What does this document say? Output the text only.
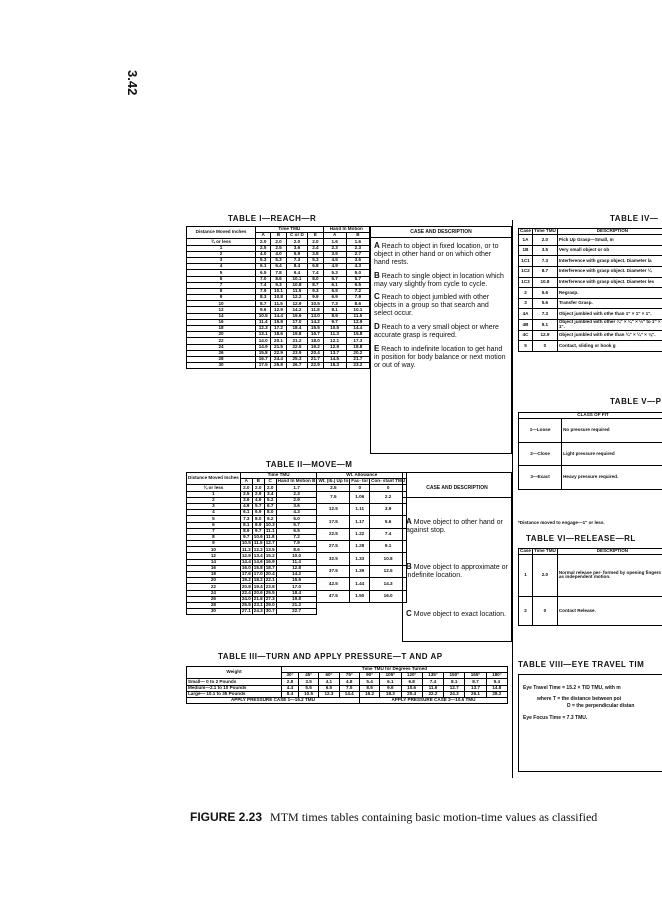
3.42
TABLE I—REACH—R
Distance Moved Inches	Time TMU				Hand In Motion	
	A	B	C or D	E	A	B
¾ or less	2.0	2.0	2.0	2.0	1.6	1.6
1	2.5	2.5	3.6	2.4	2.3	2.3
2	4.0	4.0	5.9	3.8	3.5	2.7
3	5.3	5.3	7.3	5.3	4.5	3.6
4	6.1	6.4	8.4	6.8	4.9	4.3
5	6.5	7.8	9.4	7.4	5.3	5.0
6	7.0	8.6	10.1	8.0	5.7	5.7
7	7.4	9.3	10.8	8.7	6.1	6.5
8	7.9	10.1	11.5	9.3	6.5	7.2
9	8.3	10.8	12.2	9.9	6.9	7.9
10	8.7	11.5	12.9	10.5	7.3	8.6
12	9.6	12.9	14.2	11.8	8.1	10.1
14	10.5	14.4	15.6	13.0	8.9	11.5
16	11.4	15.8	17.0	14.2	9.7	12.9
18	12.3	17.2	18.4	15.5	10.5	14.4
20	13.1	18.6	19.8	16.7	11.3	15.8
22	14.0	20.1	21.2	18.0	12.1	17.3
24	14.9	21.5	22.5	19.2	12.9	18.8
26	15.8	22.9	23.9	20.4	13.7	20.2
28	16.7	24.4	25.3	21.7	14.5	21.7
30	17.5	25.8	26.7	22.9	15.3	23.2
CASE AND DESCRIPTION
A Reach to object in fixed location, or to object in other hand or on which other hand rests.
B Reach to single object in location which may vary slightly from cycle to cycle.
C Reach to object jumbled with other objects in a group so that search and select occur.
D Reach to a very small object or where accurate grasp is required.
E Reach to indefinite location to get hand in position for body balance or next motion or out of way.
TABLE II—MOVE—M
Distance Moved Inches	Time TMU				Wt. Allowance		
	A	B	C	Hand In Motion B	Wt. (lb.) Up to	Fac- tor	Con- stant TMU
¾ or less	2.0	2.0	2.0	1.7	2.5	0	0
1	2.5	2.9	3.4	2.3	7.5	1.06	2.2
2	3.6	4.6	5.2	2.9			
3	4.9	5.7	6.7	3.6	12.5	1.11	3.9
4	6.1	6.9	8.0	4.3			
5	7.3	8.0	9.2	5.0	17.5	1.17	5.6
6	8.1	8.9	10.3	5.7			
7	8.9	9.7	11.1	6.5	22.5	1.22	7.4
8	9.7	10.6	11.8	7.2			
9	10.5	11.5	12.7	7.9	27.5	1.28	9.1
10	11.3	12.2	13.5	8.6			
12	12.9	13.4	15.2	10.0	32.5	1.33	10.8
14	14.4	14.6	16.9	11.4			
16	16.0	15.8	18.7	12.8	37.5	1.39	12.5
18	17.6	17.0	20.4	14.2			
20	19.2	18.2	22.1	15.6	42.5	1.44	14.3
22	20.8	19.4	23.8	17.0			
24	22.4	20.6	25.5	18.4	47.5	1.50	16.0
26	24.0	21.8	27.3	19.8			
28	25.5	23.1	29.0	21.2			
30	27.1	24.3	30.7	22.7			
CASE AND DESCRIPTION
A Move object to other hand or against stop.
B Move object to approximate or indefinite location.
C Move object to exact location.
TABLE III—TURN AND APPLY PRESSURE—T AND AP
Weight	Time TMU for Degrees Turned										
	30°	45°	60°	75°	90°	105°	120°	135°	150°	165°	180°
Small— 0 to 2 Pounds	2.8	3.5	4.1	4.8	5.4	6.1	6.8	7.4	8.1	8.7	9.4
Medium—2.1 to 10 Pounds	4.4	5.5	6.5	7.5	8.5	9.6	10.6	11.6	12.7	13.7	14.8
Large— 10.1 to 35 Pounds	8.4	10.5	12.3	14.4	16.2	18.3	20.4	22.2	24.3	26.1	28.2
APPLY PRESSURE CASE 1—16.2 TMU					APPLY PRESSURE CASE 2—10.6 TMU						
TABLE IV—
Case	Time TMU	DESCRIPTION
1A	2.0	Pick Up Grasp—Small, m
1B	3.5	Very small object or ob
1C1	7.3	Interference with grasp object. Diameter la
1C2	8.7	Interference with grasp object. Diameter ¼
1C3	10.8	Interference with grasp object. Diameter les
2	5.6	Regrasp.
3	5.6	Transfer Grasp.
4A	7.3	Object jumbled with othe than 1" × 1" × 1".
4B	9.1	Object jumbled with other ¼" × ¼" × ⅓" to 1" × 1".
4C	12.9	Object jumbled with othe than ¼" × ¼" × ⅛".
5	0	Contact, sliding or hook g
TABLE V—P
CLASS OF FIT	
1—Loose	No pressure required
2—Close	Light pressure required
3—Exact	Heavy pressure required.
*Distance moved to engage—1" or less.
TABLE VI—RELEASE—RL
Case	Time TMU	DESCRIPTION
1	2.0	Normal release per- formed by opening fingers as independent motion.
2	0	Contact Release.
TABLE VIII—EYE TRAVEL TIM
Eye Travel Time = 15.2 × T/D TMU, with m
where T = the distance between poi
D = the perpendicular distan
Eye Focus Time = 7.3 TMU.
FIGURE 2.23 MTM times tables containing basic motion-time values as classified
